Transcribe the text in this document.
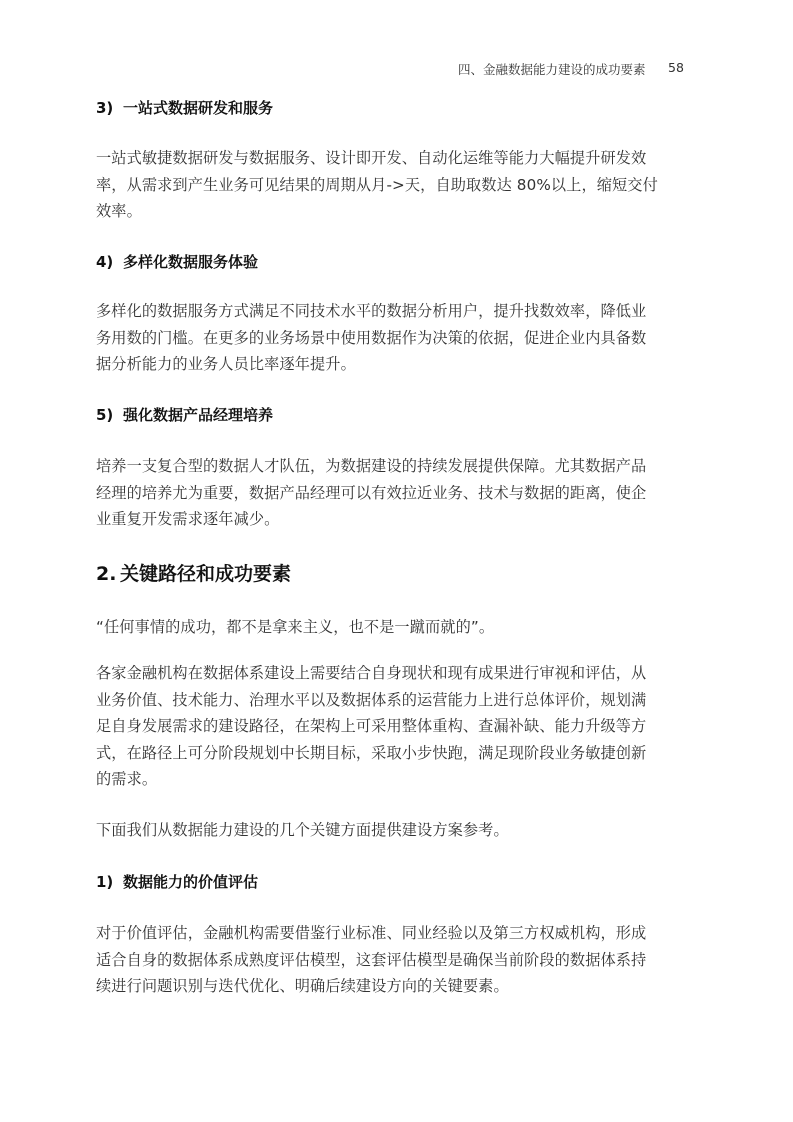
四、金融数据能力建设的成功要素 58
3) 一站式数据研发和服务
一站式敏捷数据研发与数据服务、设计即开发、自动化运维等能力大幅提升研发效
率，从需求到产生业务可见结果的周期从月->天，自助取数达 80%以上，缩短交付
效率。
4) 多样化数据服务体验
多样化的数据服务方式满足不同技术水平的数据分析用户，提升找数效率，降低业
务用数的门槛。在更多的业务场景中使用数据作为决策的依据，促进企业内具备数
据分析能力的业务人员比率逐年提升。
5) 强化数据产品经理培养
培养一支复合型的数据人才队伍，为数据建设的持续发展提供保障。尤其数据产品
经理的培养尤为重要，数据产品经理可以有效拉近业务、技术与数据的距离，使企
业重复开发需求逐年减少。
2. 关键路径和成功要素
“任何事情的成功，都不是拿来主义，也不是一蹴而就的”。
各家金融机构在数据体系建设上需要结合自身现状和现有成果进行审视和评估，从
业务价值、技术能力、治理水平以及数据体系的运营能力上进行总体评价，规划满
足自身发展需求的建设路径，在架构上可采用整体重构、查漏补缺、能力升级等方
式，在路径上可分阶段规划中长期目标，采取小步快跑，满足现阶段业务敏捷创新
的需求。
下面我们从数据能力建设的几个关键方面提供建设方案参考。
1) 数据能力的价值评估
对于价值评估，金融机构需要借鉴行业标准、同业经验以及第三方权威机构，形成
适合自身的数据体系成熟度评估模型，这套评估模型是确保当前阶段的数据体系持
续进行问题识别与迭代优化、明确后续建设方向的关键要素。
